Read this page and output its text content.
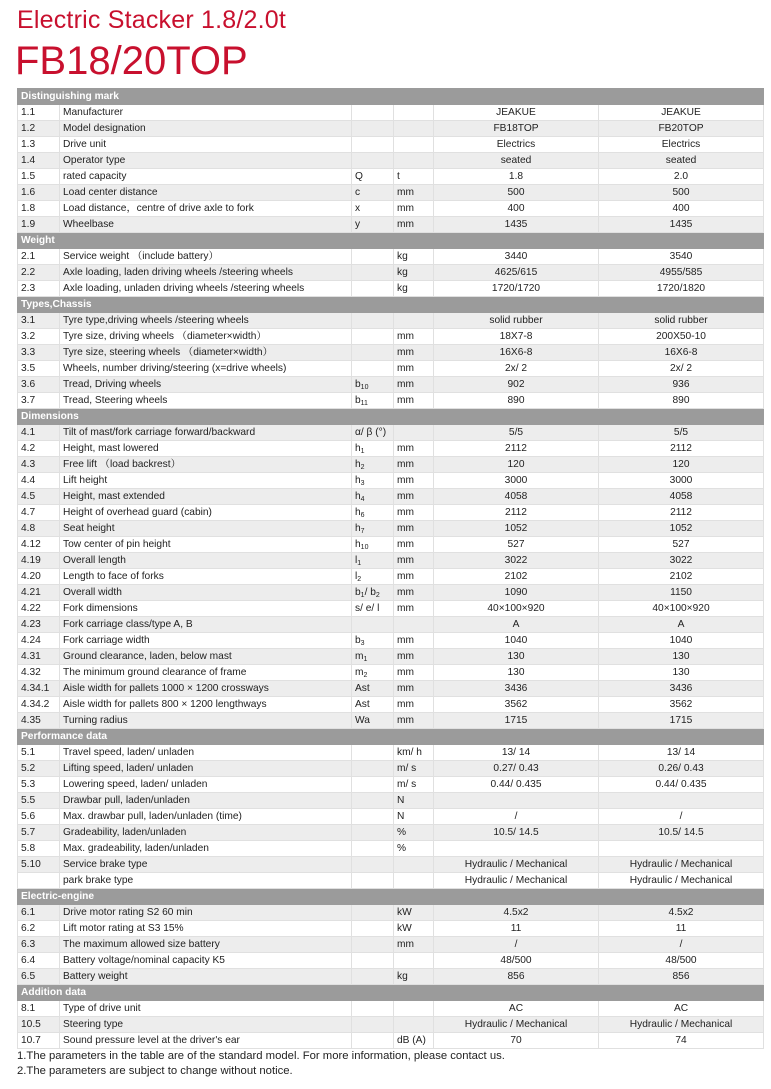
Electric Stacker 1.8/2.0t
FB18/20TOP
Distinguishing mark					
1.1	Manufacturer			JEAKUE	JEAKUE
1.2	Model designation			FB18TOP	FB20TOP
1.3	Drive unit			Electrics	Electrics
1.4	Operator type			seated	seated
1.5	rated capacity	Q	t	1.8	2.0
1.6	Load center distance	c	mm	500	500
1.8	Load distance，centre of drive axle to fork	x	mm	400	400
1.9	Wheelbase	y	mm	1435	1435
Weight					
2.1	Service weight （include battery）		kg	3440	3540
2.2	Axle loading, laden driving wheels /steering wheels		kg	4625/615	4955/585
2.3	Axle loading, unladen driving wheels /steering wheels		kg	1720/1720	1720/1820
Types,Chassis					
3.1	Tyre type,driving wheels /steering wheels			solid rubber	solid rubber
3.2	Tyre size, driving wheels （diameter×width）		mm	18X7-8	200X50-10
3.3	Tyre size, steering wheels （diameter×width）		mm	16X6-8	16X6-8
3.5	Wheels, number driving/steering (x=drive wheels)		mm	2x/ 2	2x/ 2
3.6	Tread, Driving wheels	$b_{10}$	mm	902	936
3.7	Tread, Steering wheels	$b_{11}$	mm	890	890
Dimensions					
4.1	Tilt of mast/fork carriage forward/backward	α/ β (°)		5/5	5/5
4.2	Height, mast lowered	$h_1$	mm	2112	2112
4.3	Free lift （load backrest）	$h_2$	mm	120	120
4.4	Lift height	$h_3$	mm	3000	3000
4.5	Height, mast extended	$h_4$	mm	4058	4058
4.7	Height of overhead guard (cabin)	$h_6$	mm	2112	2112
4.8	Seat height	$h_7$	mm	1052	1052
4.12	Tow center of pin height	$h_{10}$	mm	527	527
4.19	Overall length	$l_1$	mm	3022	3022
4.20	Length to face of forks	$l_2$	mm	2102	2102
4.21	Overall width	$b_1/$ $b_2$	mm	1090	1150
4.22	Fork dimensions	s/ e/ l	mm	40×100×920	40×100×920
4.23	Fork carriage class/type A, B			A	A
4.24	Fork carriage width	$b_3$	mm	1040	1040
4.31	Ground clearance, laden, below mast	$m_1$	mm	130	130
4.32	The minimum ground clearance of frame	$m_2$	mm	130	130
4.34.1	Aisle width for pallets 1000 × 1200 crossways	Ast	mm	3436	3436
4.34.2	Aisle width for pallets 800 × 1200 lengthways	Ast	mm	3562	3562
4.35	Turning radius	Wa	mm	1715	1715
Performance data					
5.1	Travel speed, laden/ unladen		km/ h	13/ 14	13/ 14
5.2	Lifting speed, laden/ unladen		m/ s	0.27/ 0.43	0.26/ 0.43
5.3	Lowering speed, laden/ unladen		m/ s	0.44/ 0.435	0.44/ 0.435
5.5	Drawbar pull, laden/unladen		N		
5.6	Max. drawbar pull, laden/unladen (time)		N	/	/
5.7	Gradeability, laden/unladen		%	10.5/ 14.5	10.5/ 14.5
5.8	Max. gradeability, laden/unladen		%		
5.10	Service brake type			Hydraulic / Mechanical	Hydraulic / Mechanical
	park brake type			Hydraulic / Mechanical	Hydraulic / Mechanical
Electric-engine					
6.1	Drive motor rating S2 60 min		kW	4.5x2	4.5x2
6.2	Lift motor rating at S3 15%		kW	11	11
6.3	The maximum allowed size battery		mm	/	/
6.4	Battery voltage/nominal capacity K5			48/500	48/500
6.5	Battery weight		kg	856	856
Addition data					
8.1	Type of drive unit			AC	AC
10.5	Steering type			Hydraulic / Mechanical	Hydraulic / Mechanical
10.7	Sound pressure level at the driver's ear		dB (A)	70	74
1.The parameters in the table are of the standard model. For more information, please contact us.
2.The parameters are subject to change without notice.
